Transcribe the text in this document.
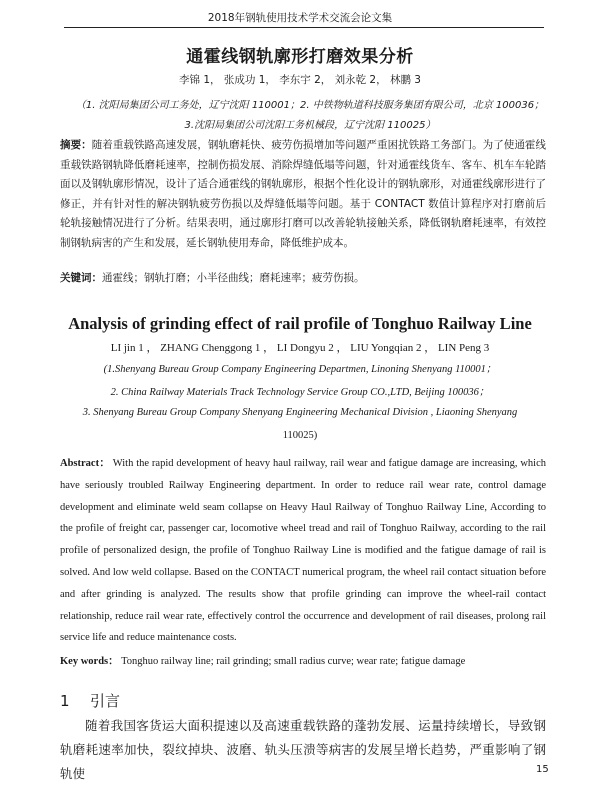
2018年钢轨使用技术学术交流会论文集
通霍线钢轨廓形打磨效果分析
李锦 1， 张成功 1， 李东宇 2， 刘永乾 2， 林鹏 3
（1. 沈阳局集团公司工务处，辽宁沈阳 110001；2. 中铁物轨道科技服务集团有限公司，北京 100036；
3.沈阳局集团公司沈阳工务机械段，辽宁沈阳 110025）
摘要：随着重载铁路高速发展，钢轨磨耗快、疲劳伤损增加等问题严重困扰铁路工务部门。为了使通霍线重载铁路钢轨降低磨耗速率，控制伤损发展、消除焊缝低塌等问题，针对通霍线货车、客车、机车车轮踏面以及钢轨廓形情况，设计了适合通霍线的钢轨廓形，根据个性化设计的钢轨廓形，对通霍线廓形进行了修正，并有针对性的解决钢轨疲劳伤损以及焊缝低塌等问题。基于 CONTACT 数值计算程序对打磨前后轮轨接触情况进行了分析。结果表明，通过廓形打磨可以改善轮轨接触关系，降低钢轨磨耗速率，有效控制钢轨病害的产生和发展，延长钢轨使用寿命，降低维护成本。
关键词：通霍线；钢轨打磨；小半径曲线；磨耗速率；疲劳伤损。
Analysis of grinding effect of rail profile of Tonghuo Railway Line
LI jin 1 ， ZHANG Chenggong 1 ， LI Dongyu 2 ， LIU Yongqian 2 ， LIN Peng 3
(1.Shenyang Bureau Group Company Engineering Departmen, Linoning Shenyang 110001；
2. China Railway Materials Track Technology Service Group CO.,LTD, Beijing 100036；
3. Shenyang Bureau Group Company Shenyang Engineering Mechanical Division , Liaoning Shenyang
110025)
Abstract： With the rapid development of heavy haul railway, rail wear and fatigue damage are increasing, which have seriously troubled Railway Engineering department. In order to reduce rail wear rate, control damage development and eliminate weld seam collapse on Heavy Haul Railway of Tonghuo Railway Line, According to the profile of freight car, passenger car, locomotive wheel tread and rail of Tonghuo Railway, according to the rail profile of personalized design, the profile of Tonghuo Railway Line is modified and the fatigue damage of rail is solved. And low weld collapse. Based on the CONTACT numerical program, the wheel rail contact situation before and after grinding is analyzed. The results show that profile grinding can improve the wheel-rail contact relationship, reduce rail wear rate, effectively control the occurrence and development of rail diseases, prolong rail service life and reduce maintenance costs.
Key words： Tonghuo railway line; rail grinding; small radius curve; wear rate; fatigue damage
1 引言
随着我国客货运大面积提速以及高速重载铁路的蓬勃发展、运量持续增长，导致钢轨磨耗速率加快，裂纹掉块、波磨、轨头压溃等病害的发展呈增长趋势，严重影响了钢轨使	15
